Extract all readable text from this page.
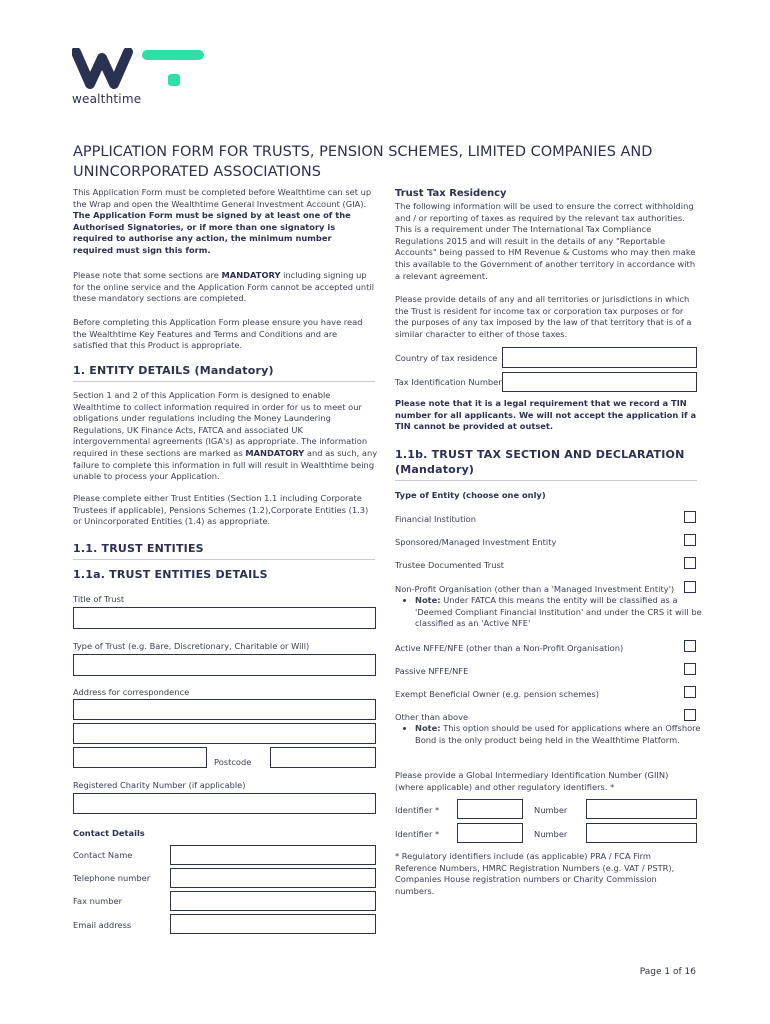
wealthtime
APPLICATION FORM FOR TRUSTS, PENSION SCHEMES, LIMITED COMPANIES AND UNINCORPORATED ASSOCIATIONS
This Application Form must be completed before Wealthtime can set up the Wrap and open the Wealthtime General Investment Account (GIA). The Application Form must be signed by at least one of the Authorised Signatories, or if more than one signatory is required to authorise any action, the minimum number required must sign this form.
Please note that some sections are MANDATORY including signing up for the online service and the Application Form cannot be accepted until these mandatory sections are completed.
Before completing this Application Form please ensure you have read the Wealthtime Key Features and Terms and Conditions and are satisfied that this Product is appropriate.
1. ENTITY DETAILS (Mandatory)
Section 1 and 2 of this Application Form is designed to enable Wealthtime to collect information required in order for us to meet our obligations under regulations including the Money Laundering Regulations, UK Finance Acts, FATCA and associated UK intergovernmental agreements (IGA's) as appropriate. The information required in these sections are marked as MANDATORY and as such, any failure to complete this information in full will result in Wealthtime being unable to process your Application.
Please complete either Trust Entities (Section 1.1 including Corporate Trustees if applicable), Pensions Schemes (1.2),Corporate Entities (1.3) or Unincorporated Entities (1.4) as appropriate.
1.1. TRUST ENTITIES
1.1a. TRUST ENTITIES DETAILS
Title of Trust
Type of Trust (e.g. Bare, Discretionary, Charitable or Will)
Address for correspondence
Postcode
Registered Charity Number (if applicable)
Contact Details
Contact Name
Telephone number
Fax number
Email address
Trust Tax Residency
The following information will be used to ensure the correct withholding and / or reporting of taxes as required by the relevant tax authorities. This is a requirement under The International Tax Compliance Regulations 2015 and will result in the details of any "Reportable Accounts" being passed to HM Revenue & Customs who may then make this available to the Government of another territory in accordance with a relevant agreement.
Please provide details of any and all territories or jurisdictions in which the Trust is resident for income tax or corporation tax purposes or for the purposes of any tax imposed by the law of that territory that is of a similar character to either of those taxes.
Country of tax residence
Tax Identification Number
Please note that it is a legal requirement that we record a TIN number for all applicants. We will not accept the application if a TIN cannot be provided at outset.
1.1b. TRUST TAX SECTION AND DECLARATION
(Mandatory)
Type of Entity (choose one only)
Financial Institution
Sponsored/Managed Investment Entity
Trustee Documented Trust
Non-Profit Organisation (other than a 'Managed Investment Entity')
• Note: Under FATCA this means the entity will be classified as a 'Deemed Compliant Financial Institution' and under the CRS it will be classified as an 'Active NFE'
Active NFFE/NFE (other than a Non-Profit Organisation)
Passive NFFE/NFE
Exempt Beneficial Owner (e.g. pension schemes)
Other than above
• Note: This option should be used for applications where an Offshore Bond is the only product being held in the Wealthtime Platform.
Please provide a Global Intermediary Identification Number (GIIN) (where applicable) and other regulatory identifiers. *
Identifier *	Number
Identifier *	Number
* Regulatory identifiers include (as applicable) PRA / FCA Firm Reference Numbers, HMRC Registration Numbers (e.g. VAT / PSTR), Companies House registration numbers or Charity Commission numbers.
Page 1 of 16
